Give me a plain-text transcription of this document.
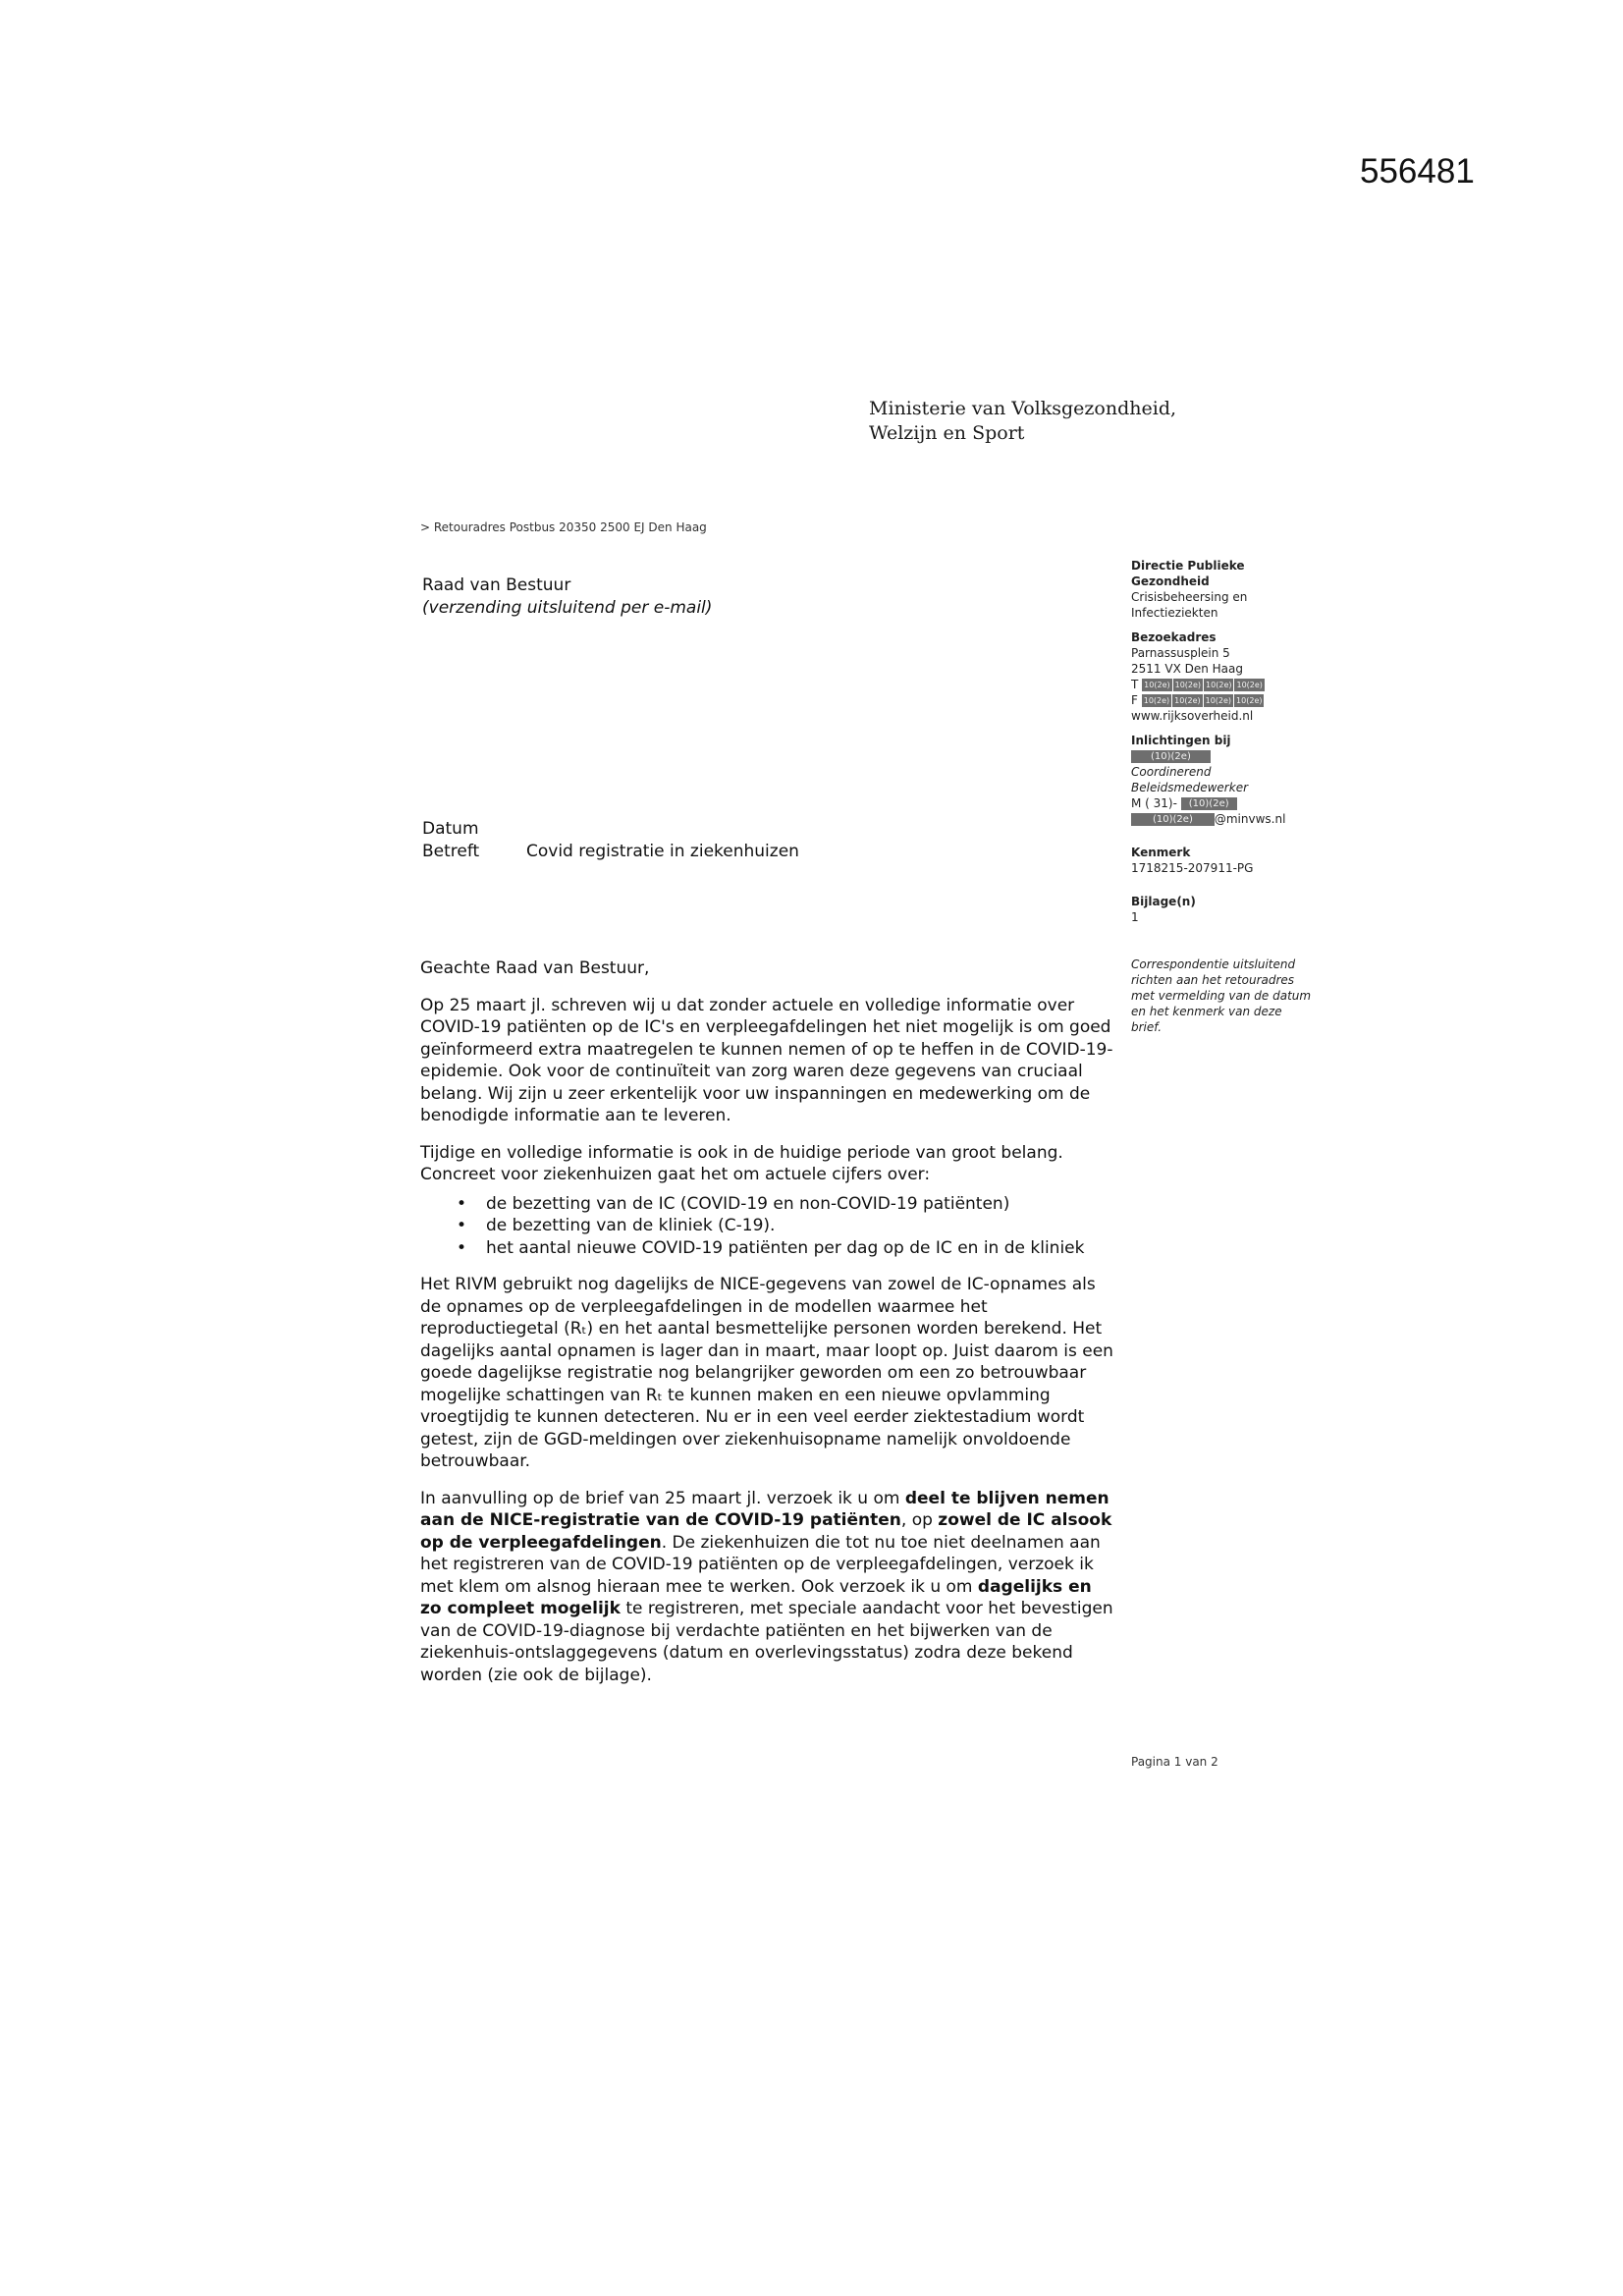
556481
Ministerie van Volksgezondheid,
Welzijn en Sport
> Retouradres Postbus 20350 2500 EJ Den Haag
Raad van Bestuur
(verzending uitsluitend per e-mail)
Directie Publieke
Gezondheid
Crisisbeheersing en
Infectieziekten
Bezoekadres
Parnassusplein 5
2511 VX Den Haag
T 10(2e) 10(2e) 10(2e) 10(2e)
F 10(2e) 10(2e) 10(2e) 10(2e)
www.rijksoverheid.nl
Inlichtingen bij
(10)(2e)
Coordinerend
Beleidsmedewerker
M ( 31)- (10)(2e)
(10)(2e) @minvws.nl
Kenmerk
1718215-207911-PG
Bijlage(n)
1
Correspondentie uitsluitend
richten aan het retouradres
met vermelding van de datum
en het kenmerk van deze
brief.
Datum
Betreft	Covid registratie in ziekenhuizen

Geachte Raad van Bestuur,

Op 25 maart jl. schreven wij u dat zonder actuele en volledige informatie over COVID-19 patiënten op de IC's en verpleegafdelingen het niet mogelijk is om goed geïnformeerd extra maatregelen te kunnen nemen of op te heffen in de COVID-19-epidemie. Ook voor de continuïteit van zorg waren deze gegevens van cruciaal belang. Wij zijn u zeer erkentelijk voor uw inspanningen en medewerking om de benodigde informatie aan te leveren.

Tijdige en volledige informatie is ook in de huidige periode van groot belang. Concreet voor ziekenhuizen gaat het om actuele cijfers over:

• de bezetting van de IC (COVID-19 en non-COVID-19 patiënten)
• de bezetting van de kliniek (C-19).
• het aantal nieuwe COVID-19 patiënten per dag op de IC en in de kliniek

Het RIVM gebruikt nog dagelijks de NICE-gegevens van zowel de IC-opnames als de opnames op de verpleegafdelingen in de modellen waarmee het reproductiegetal (Rₜ) en het aantal besmettelijke personen worden berekend. Het dagelijks aantal opnamen is lager dan in maart, maar loopt op. Juist daarom is een goede dagelijkse registratie nog belangrijker geworden om een zo betrouwbaar mogelijke schattingen van Rₜ te kunnen maken en een nieuwe opvlamming vroegtijdig te kunnen detecteren. Nu er in een veel eerder ziektestadium wordt getest, zijn de GGD-meldingen over ziekenhuisopname namelijk onvoldoende betrouwbaar.

In aanvulling op de brief van 25 maart jl. verzoek ik u om deel te blijven nemen aan de NICE-registratie van de COVID-19 patiënten, op zowel de IC alsook op de verpleegafdelingen. De ziekenhuizen die tot nu toe niet deelnamen aan het registreren van de COVID-19 patiënten op de verpleegafdelingen, verzoek ik met klem om alsnog hieraan mee te werken. Ook verzoek ik u om dagelijks en zo compleet mogelijk te registreren, met speciale aandacht voor het bevestigen van de COVID-19-diagnose bij verdachte patiënten en het bijwerken van de ziekenhuis-ontslaggegevens (datum en overlevingsstatus) zodra deze bekend worden (zie ook de bijlage).

Pagina 1 van 2
